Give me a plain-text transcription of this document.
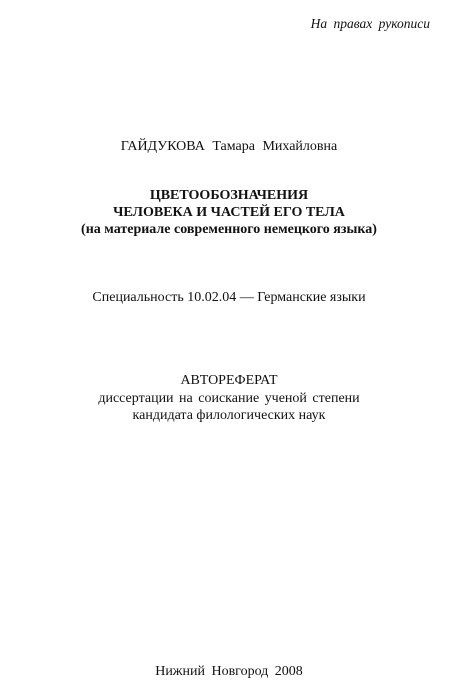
На правах рукописи
ГАЙДУКОВА Тамара Михайловна
ЦВЕТООБОЗНАЧЕНИЯ
ЧЕЛОВЕКА И ЧАСТЕЙ ЕГО ТЕЛА
(на материале современного немецкого языка)
Специальность 10.02.04 — Германские языки
АВТОРЕФЕРАТ
диссертации на соискание ученой степени
кандидата филологических наук
Нижний Новгород 2008
